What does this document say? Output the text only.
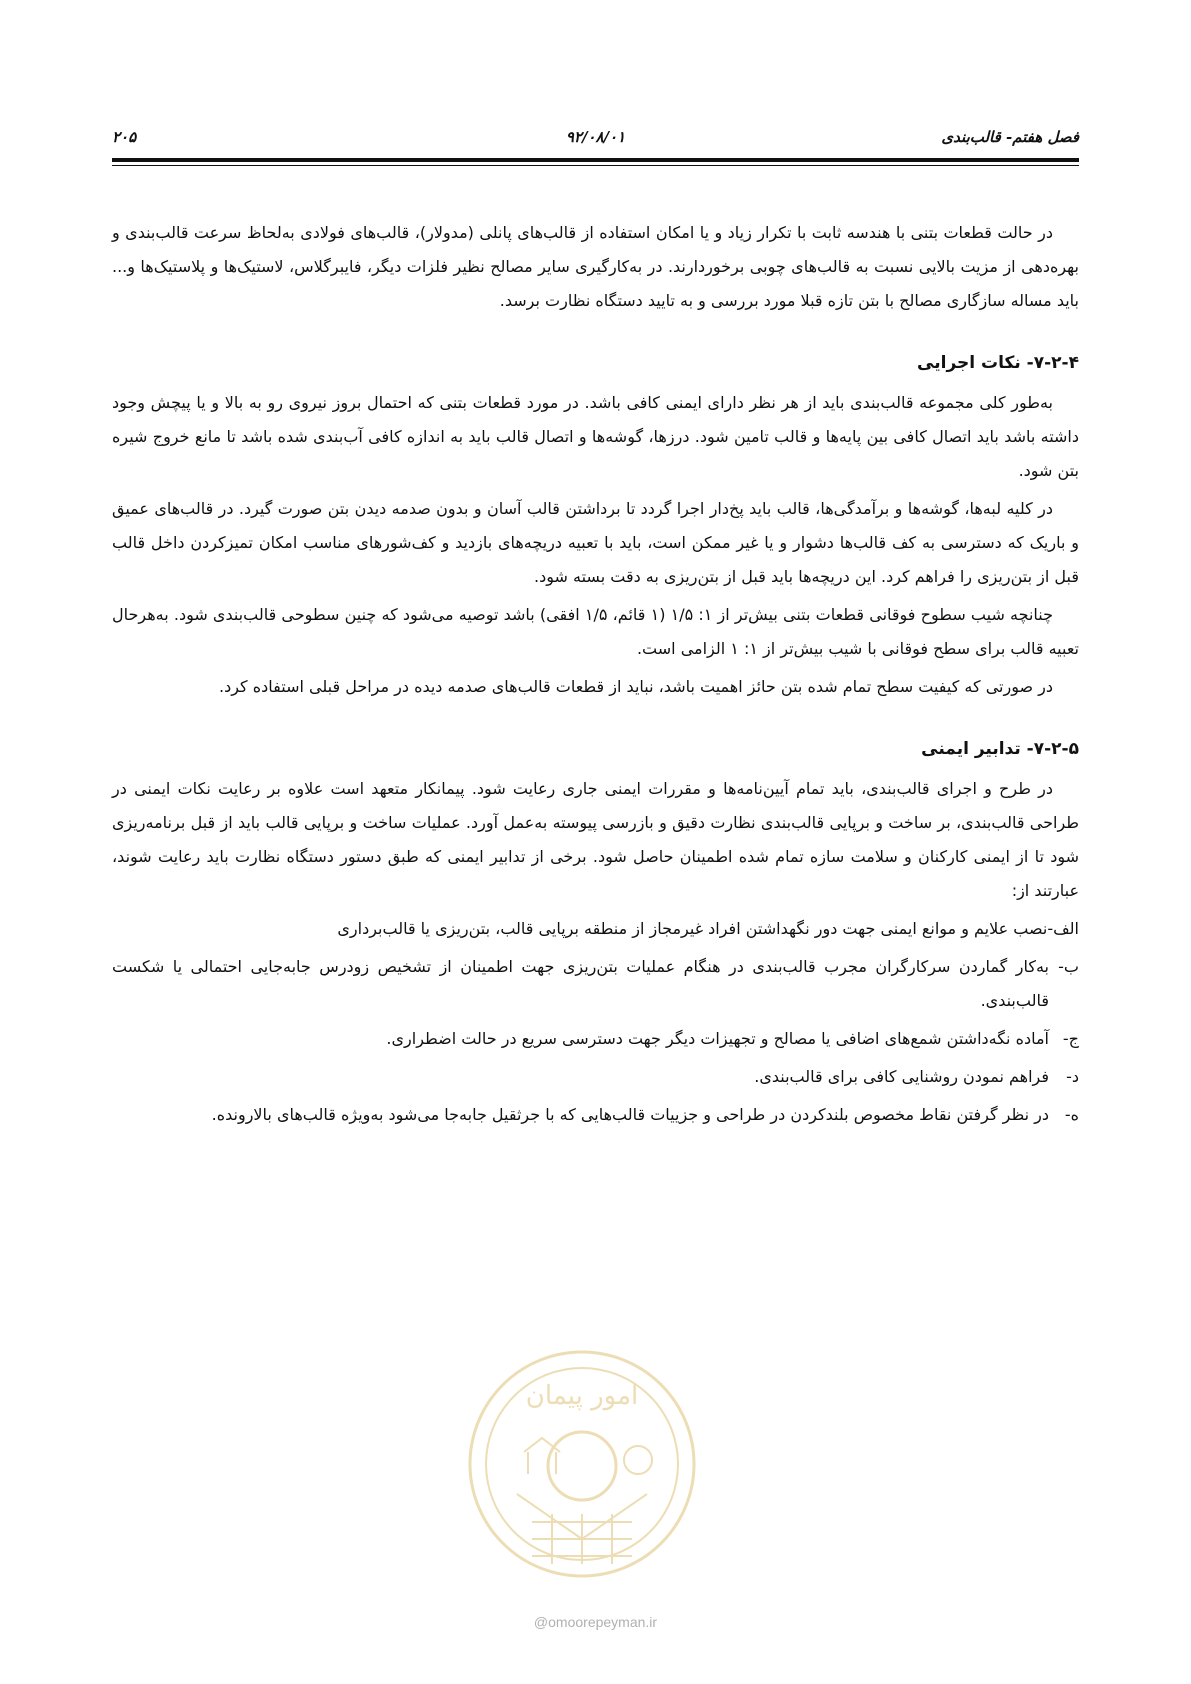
فصل هفتم- قالب‌بندی
۹۲/۰۸/۰۱
۲۰۵

در حالت قطعات بتنی با هندسه ثابت با تکرار زیاد و یا امکان استفاده از قالب‌های پانلی (مدولار)، قالب‌های فولادی به‌لحاظ سرعت قالب‌بندی و بهره‌دهی از مزیت بالایی نسبت به قالب‌های چوبی برخوردارند. در به‌کارگیری سایر مصالح نظیر فلزات دیگر، فایبرگلاس، لاستیک‌ها و پلاستیک‌ها و... باید مساله سازگاری مصالح با بتن تازه قبلا مورد بررسی و به تایید دستگاه نظارت برسد.

۷-۲-۴- نکات اجرایی

به‌طور کلی مجموعه قالب‌بندی باید از هر نظر دارای ایمنی کافی باشد. در مورد قطعات بتنی که احتمال بروز نیروی رو به بالا و یا پیچش وجود داشته باشد باید اتصال کافی بین پایه‌ها و قالب تامین شود. درزها، گوشه‌ها و اتصال قالب باید به اندازه کافی آب‌بندی شده باشد تا مانع خروج شیره بتن شود.

در کلیه لبه‌ها، گوشه‌ها و برآمدگی‌ها، قالب باید پخ‌دار اجرا گردد تا برداشتن قالب آسان و بدون صدمه دیدن بتن صورت گیرد. در قالب‌های عمیق و باریک که دسترسی به کف قالب‌ها دشوار و یا غیر ممکن است، باید با تعبیه دریچه‌های بازدید و کف‌شورهای مناسب امکان تمیزکردن داخل قالب قبل از بتن‌ریزی را فراهم کرد. این دریچه‌ها باید قبل از بتن‌ریزی به دقت بسته شود.

چنانچه شیب سطوح فوقانی قطعات بتنی بیش‌تر از ۱: ۱/۵ (۱ قائم، ۱/۵ افقی) باشد توصیه می‌شود که چنین سطوحی قالب‌بندی شود. به‌هرحال تعبیه قالب برای سطح فوقانی با شیب بیش‌تر از ۱: ۱ الزامی است.

در صورتی که کیفیت سطح تمام شده بتن حائز اهمیت باشد، نباید از قطعات قالب‌های صدمه دیده در مراحل قبلی استفاده کرد.

۷-۲-۵- تدابیر ایمنی

در طرح و اجرای قالب‌بندی، باید تمام آیین‌نامه‌ها و مقررات ایمنی جاری رعایت شود. پیمانکار متعهد است علاوه بر رعایت نکات ایمنی در طراحی قالب‌بندی، بر ساخت و برپایی قالب‌بندی نظارت دقیق و بازرسی پیوسته به‌عمل آورد. عملیات ساخت و برپایی قالب باید از قبل برنامه‌ریزی شود تا از ایمنی کارکنان و سلامت سازه تمام شده اطمینان حاصل شود. برخی از تدابیر ایمنی که طبق دستور دستگاه نظارت باید رعایت شوند، عبارتند از:

الف-نصب علایم و موانع ایمنی جهت دور نگهداشتن افراد غیرمجاز از منطقه برپایی قالب، بتن‌ریزی یا قالب‌برداری
ب-
به‌کار گماردن سرکارگران مجرب قالب‌بندی در هنگام عملیات بتن‌ریزی جهت اطمینان از تشخیص زودرس جابه‌جایی احتمالی یا شکست قالب‌بندی.
ج-
آماده نگه‌داشتن شمع‌های اضافی یا مصالح و تجهیزات دیگر جهت دسترسی سریع در حالت اضطراری.
د-
فراهم نمودن روشنایی کافی برای قالب‌بندی.
ه-
در نظر گرفتن نقاط مخصوص بلندکردن در طراحی و جزییات قالب‌هایی که با جرثقیل جابه‌جا می‌شود به‌ویژه قالب‌های بالارونده.
امور پیمان
@omoorepeyman.ir
